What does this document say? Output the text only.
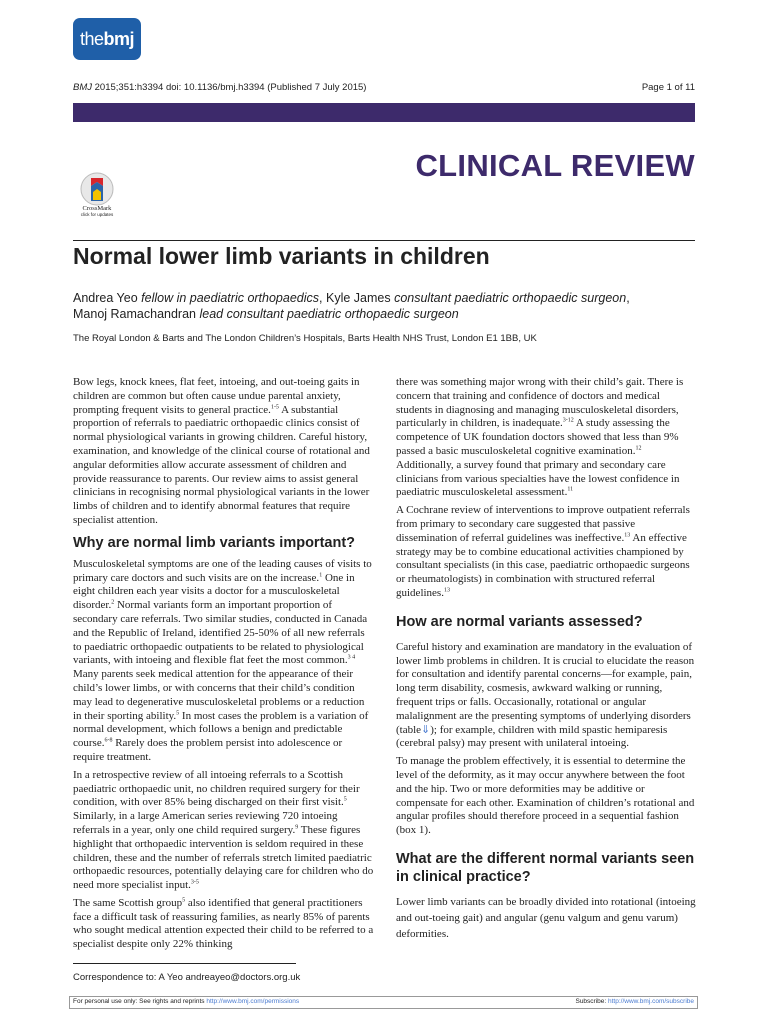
thebmj
BMJ 2015;351:h3394 doi: 10.1136/bmj.h3394 (Published 7 July 2015)	Page 1 of 11
CLINICAL REVIEW
CrossMark
click for updates
Normal lower limb variants in children
Andrea Yeo fellow in paediatric orthopaedics, Kyle James consultant paediatric orthopaedic surgeon,
Manoj Ramachandran lead consultant paediatric orthopaedic surgeon
The Royal London & Barts and The London Children’s Hospitals, Barts Health NHS Trust, London E1 1BB, UK

Bow legs, knock knees, flat feet, intoeing, and out-toeing gaits in children are common but often cause undue parental anxiety, prompting frequent visits to general practice.$^{1-5}$ A substantial proportion of referrals to paediatric orthopaedic clinics consist of normal physiological variants in growing children. Careful history, examination, and knowledge of the clinical course of rotational and angular deformities allow accurate assessment of children and provide reassurance to parents. Our review aims to assist general clinicians in recognising normal physiological variants in the lower limbs of children and to identify abnormal features that require specialist attention.

Why are normal limb variants important?

Musculoskeletal symptoms are one of the leading causes of visits to primary care doctors and such visits are on the increase.$^1$ One in eight children each year visits a doctor for a musculoskeletal disorder.$^2$ Normal variants form an important proportion of secondary care referrals. Two similar studies, conducted in Canada and the Republic of Ireland, identified 25-50% of all new referrals to paediatric orthopaedic outpatients to be related to physiological variants, with intoeing and flexible flat feet the most common.$^{3 4}$ Many parents seek medical attention for the appearance of their child’s lower limbs, or with concerns that their child’s condition may lead to degenerative musculoskeletal problems or a reduction in their sporting ability.$^5$ In most cases the problem is a variation of normal development, which follows a benign and predictable course.$^{6-8}$ Rarely does the problem persist into adolescence or require treatment.

In a retrospective review of all intoeing referrals to a Scottish paediatric orthopaedic unit, no children required surgery for their condition, with over 85% being discharged on their first visit.$^5$ Similarly, in a large American series reviewing 720 intoeing referrals in a year, only one child required surgery.$^9$ These figures highlight that orthopaedic intervention is seldom required in these children, these and the number of referrals stretch limited paediatric orthopaedic resources, potentially delaying care for children who do need more specialist input.$^{3-5}$

The same Scottish group$^5$ also identified that general practitioners face a difficult task of reassuring families, as nearly 85% of parents who sought medical attention expected their child to be referred to a specialist despite only 22% thinking

there was something major wrong with their child’s gait. There is concern that training and confidence of doctors and medical students in diagnosing and managing musculoskeletal disorders, particularly in children, is inadequate.$^{3-12}$ A study assessing the competence of UK foundation doctors showed that less than 9% passed a basic musculoskeletal cognitive examination.$^{12}$ Additionally, a survey found that primary and secondary care clinicians from various specialties have the lowest confidence in paediatric musculoskeletal assessment.$^{11}$

A Cochrane review of interventions to improve outpatient referrals from primary to secondary care suggested that passive dissemination of referral guidelines was ineffective.$^{13}$ An effective strategy may be to combine educational activities championed by consultant specialists (in this case, paediatric orthopaedic surgeons or rheumatologists) in combination with structured referral guidelines.$^{13}$

How are normal variants assessed?

Careful history and examination are mandatory in the evaluation of lower limb problems in children. It is crucial to elucidate the reason for consultation and identify parental concerns—for example, pain, long term disability, cosmesis, awkward walking or running, frequent trips or falls. Occasionally, rotational or angular malalignment are the presenting symptoms of underlying disorders (table⇓); for example, children with mild spastic hemiparesis (cerebral palsy) may present with unilateral intoeing.

To manage the problem effectively, it is essential to determine the level of the deformity, as it may occur anywhere between the foot and the hip. Two or more deformities may be additive or compensate for each other. Examination of children’s rotational and angular profiles should therefore proceed in a sequential fashion (box 1).

What are the different normal variants seen in clinical practice?

Lower limb variants can be broadly divided into rotational (intoeing and out-toeing gait) and angular (genu valgum and genu varum) deformities.

Correspondence to: A Yeo andreayeo@doctors.org.uk
For personal use only: See rights and reprints http://www.bmj.com/permissions	Subscribe: http://www.bmj.com/subscribe
